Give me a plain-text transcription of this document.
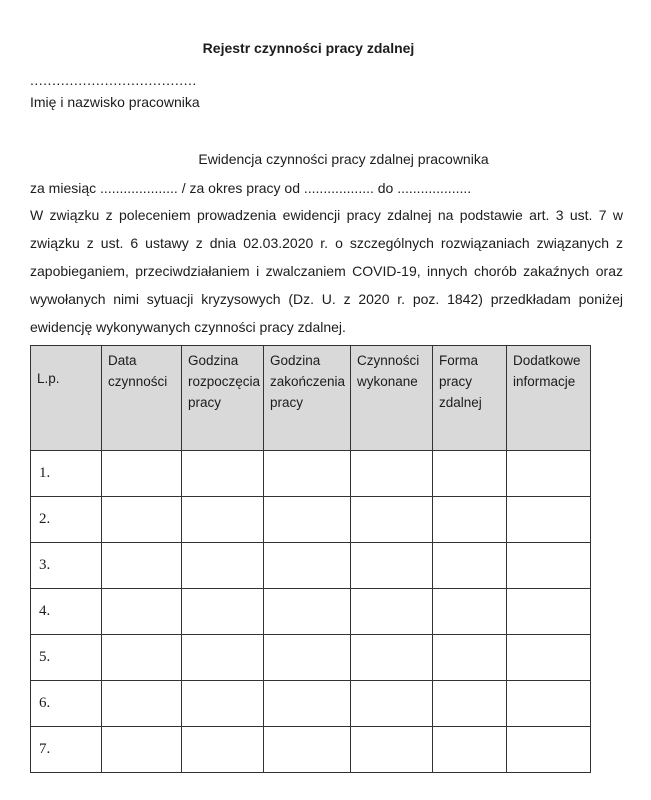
Rejestr czynności pracy zdalnej
......................................
Imię i nazwisko pracownika
Ewidencja czynności pracy zdalnej pracownika
za miesiąc .................... / za okres pracy od .................. do ...................
W związku z poleceniem prowadzenia ewidencji pracy zdalnej na podstawie art. 3 ust. 7 w
związku z ust. 6 ustawy z dnia 02.03.2020 r. o szczególnych rozwiązaniach związanych z
zapobieganiem, przeciwdziałaniem i zwalczaniem COVID-19, innych chorób zakaźnych oraz
wywołanych nimi sytuacji kryzysowych (Dz. U. z 2020 r. poz. 1842) przedkładam poniżej
ewidencję wykonywanych czynności pracy zdalnej.
L.p.	Data czynności	Godzina rozpoczęcia pracy	Godzina zakończenia pracy	Czynności wykonane	Forma pracy zdalnej	Dodatkowe informacje
1.						
2.						
3.						
4.						
5.						
6.						
7.						
